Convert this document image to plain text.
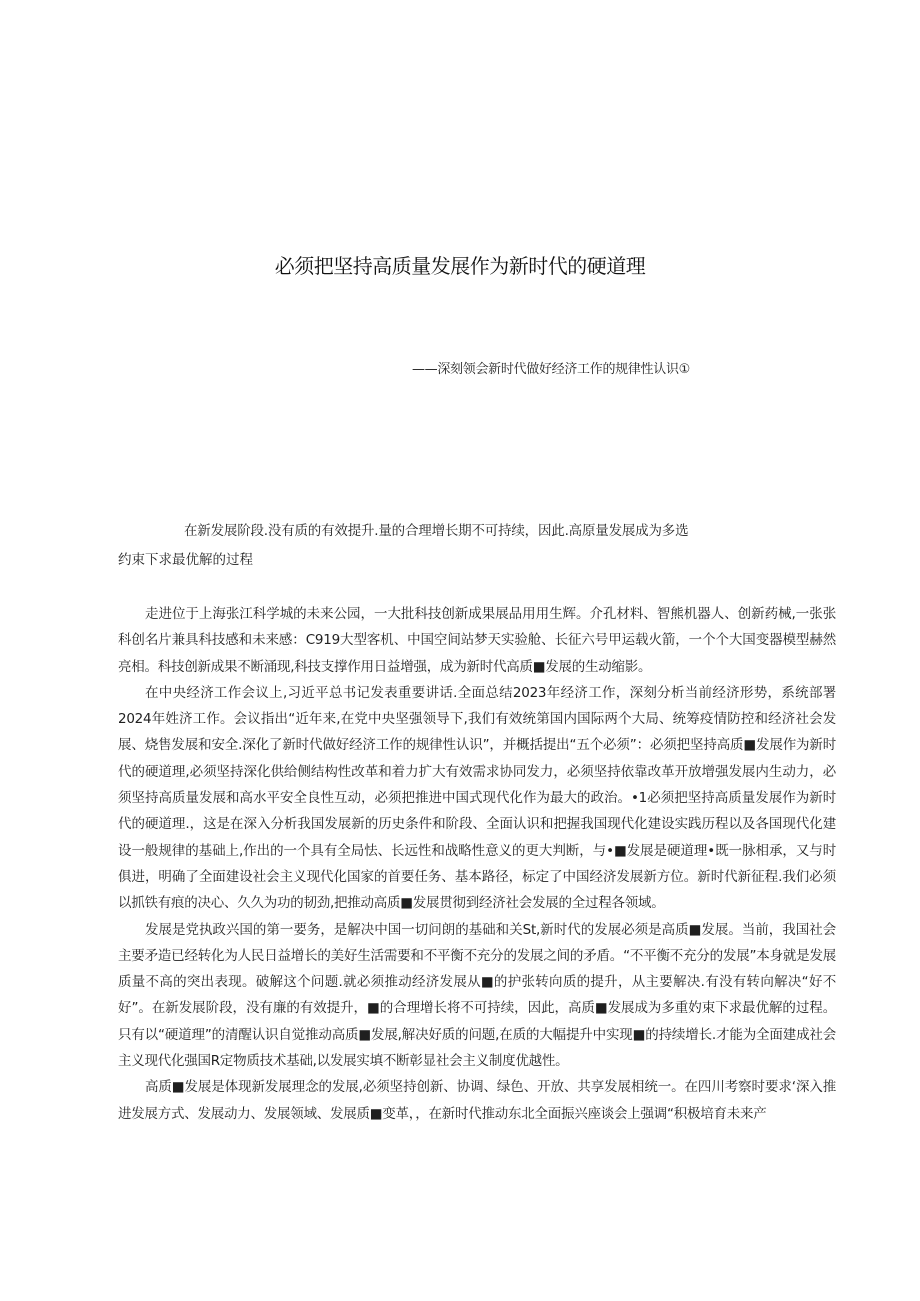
必须把坚持高质量发展作为新时代的硬道理
——深刻领会新时代做好经济工作的规律性认识①
在新发展阶段.没有质的有效提升.量的合理增长期不可持续，因此.高原量发展成为多选
约束下求最优解的过程

走进位于上海张江科学城的未来公园，一大批科技创新成果展品用用生辉。介孔材料、智熊机器人、创新药械,一张张科创名片兼具科技感和未来感：C919大型客机、中国空间站梦天实验舱、长征六号甲运载火箭，一个个大国变器模型赫然亮相。科技创新成果不断涌现,科技支撑作用日益增强，成为新时代高质■发展的生动缩影。

在中央经济工作会议上,习近平总书记发表重要讲话.全面总结2023年经济工作，深刻分析当前经济形势，系统部署2024年姓济工作。会议指出“近年来,在党中央坚强领导下,我们有效统第国内国际两个大局、统筹疫情防控和经济社会发展、烧售发展和安全.深化了新时代做好经济工作的规律性认识”，并概括提出“五个必须”：必须把坚持高质■发展作为新时代的硬道理,必须坚持深化供给侧结构性改革和着力扩大有效需求协同发力，必须坚持依靠改革开放增强发展内生动力，必须坚持高质量发展和高水平安全良性互动，必须把推进中国式现代化作为最大的政治。•1必须把坚持高质量发展作为新时代的硬道理.，这是在深入分析我国发展新的历史条件和阶段、全面认识和把握我国现代化建设实践历程以及各国现代化建设一般规律的基础上,作出的一个具有全局怯、长远性和战略性意义的更大判断，与•■发展是硬道理•既一脉相承，又与时俱进，明确了全面建设社会主义现代化国家的首要任务、基本路径，标定了中国经济发展新方位。新时代新征程.我们必须以抓铁有痕的决心、久久为功的韧劲,把推动高质■发展贯彻到经济社会发展的全过程各领域。

发展是党执政兴国的第一要务，是解决中国一切问朗的基础和关St,新时代的发展必须是高质■发展。当前，我国社会主要矛造已经转化为人民日益增长的美好生活需要和不平衡不充分的发展之间的矛盾。“不平衡不充分的发展”本身就是发展质量不高的突出表现。破解这个问题.就必须推动经济发展从■的护张转向质的提升，从主要解决.有没有转向解决“好不好”。在新发展阶段，没有廉的有效提升，■的合理增长将不可持续，因此，高质■发展成为多重妁束下求最优解的过程。只有以“硬道理”的清醒认识自觉推动高质■发展,解决好质的问题,在质的大幅提升中实现■的持续增长.才能为全面建成社会主义现代化强国R定物质技术基础,以发展实填不断彰显社会主义制度优越性。

高质■发展是体现新发展理念的发展,必须坚持创新、协调、绿色、开放、共享发展相统一。在四川考察时要求‘深入推进发展方式、发展动力、发展领域、发展质■变革，，在新时代推动东北全面振兴座谈会上强调“积极培育未来产
